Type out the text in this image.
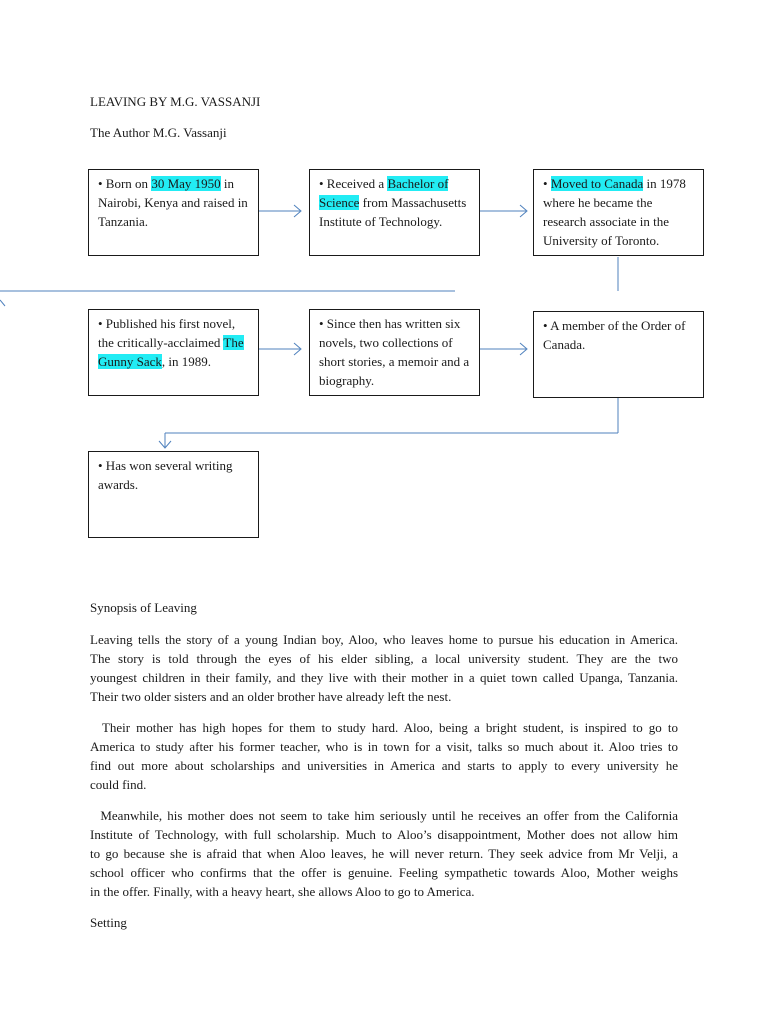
LEAVING BY M.G. VASSANJI
The Author M.G. Vassanji
• Born on 30 May 1950 in Nairobi, Kenya and raised in Tanzania.
• Received a Bachelor of Science from Massachusetts Institute of Technology.
• Moved to Canada in 1978 where he became the research associate in the University of Toronto.
• Published his first novel, the critically-acclaimed The Gunny Sack, in 1989.
• Since then has written six novels, two collections of short stories, a memoir and a biography.
• A member of the Order of Canada.
• Has won several writing awards.
Synopsis of Leaving
Leaving tells the story of a young Indian boy, Aloo, who leaves home to pursue his education in America.
The story is told through the eyes of his elder sibling, a local university student. They are the two
youngest children in their family, and they live with their mother in a quiet town called Upanga, Tanzania.
Their two older sisters and an older brother have already left the nest.
Their mother has high hopes for them to study hard. Aloo, being a bright student, is inspired to go to
America to study after his former teacher, who is in town for a visit, talks so much about it. Aloo tries to
find out more about scholarships and universities in America and starts to apply to every university he
could find.
Meanwhile, his mother does not seem to take him seriously until he receives an offer from the California
Institute of Technology, with full scholarship. Much to Aloo’s disappointment, Mother does not allow him
to go because she is afraid that when Aloo leaves, he will never return. They seek advice from Mr Velji, a
school officer who confirms that the offer is genuine. Feeling sympathetic towards Aloo, Mother weighs
in the offer. Finally, with a heavy heart, she allows Aloo to go to America.
Setting
